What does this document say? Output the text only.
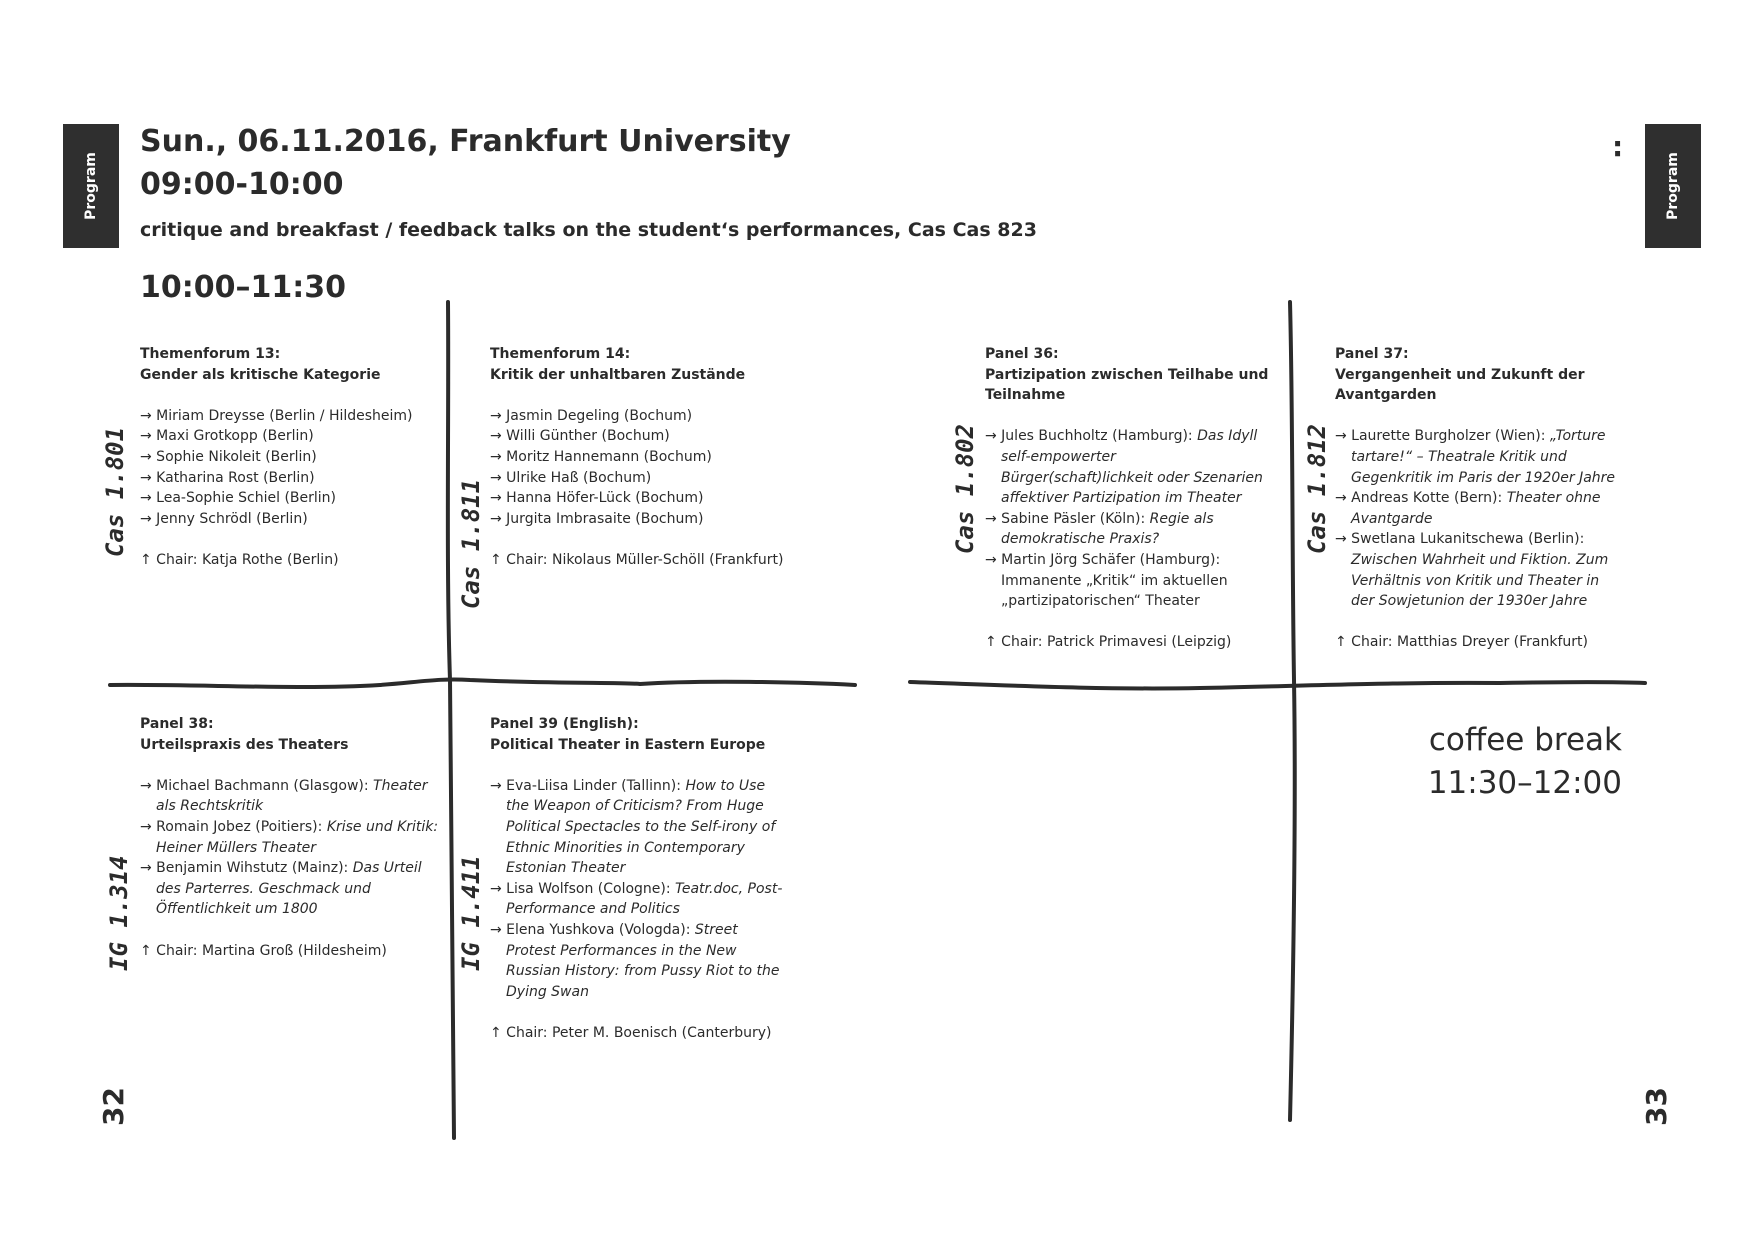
Program	Program
Sun., 06.11.2016, Frankfurt University
09:00-10:00
critique and breakfast / feedback talks on the student‘s performances, Cas Cas 823
10:00–11:30
:
32	33
Themenforum 13:
Gender als kritische Kategorie
→ Miriam Dreysse (Berlin / Hildesheim)
→ Maxi Grotkopp (Berlin)
→ Sophie Nikoleit (Berlin)
→ Katharina Rost (Berlin)
→ Lea-Sophie Schiel (Berlin)
→ Jenny Schrödl (Berlin)
↑ Chair: Katja Rothe (Berlin)
Cas 1.801
Themenforum 14:
Kritik der unhaltbaren Zustände
→ Jasmin Degeling (Bochum)
→ Willi Günther (Bochum)
→ Moritz Hannemann (Bochum)
→ Ulrike Haß (Bochum)
→ Hanna Höfer-Lück (Bochum)
→ Jurgita Imbrasaite (Bochum)
↑ Chair: Nikolaus Müller-Schöll (Frankfurt)
Cas 1.811
Panel 36:
Partizipation zwischen Teilhabe und Teilnahme
→ Jules Buchholtz (Hamburg): Das Idyll self-empowerter Bürger(schaft)lichkeit oder Szenarien affektiver Partizipation im Theater
→ Sabine Päsler (Köln): Regie als demokratische Praxis?
→ Martin Jörg Schäfer (Hamburg): Immanente „Kritik“ im aktuellen „partizipatorischen“ Theater
↑ Chair: Patrick Primavesi (Leipzig)
Cas 1.802
Panel 37:
Vergangenheit und Zukunft der Avantgarden
→ Laurette Burgholzer (Wien): „Torture tartare!“ – Theatrale Kritik und Gegenkritik im Paris der 1920er Jahre
→ Andreas Kotte (Bern): Theater ohne Avantgarde
→ Swetlana Lukanitschewa (Berlin): Zwischen Wahrheit und Fiktion. Zum Verhältnis von Kritik und Theater in der Sowjetunion der 1930er Jahre
↑ Chair: Matthias Dreyer (Frankfurt)
Cas 1.812
Panel 38:
Urteilspraxis des Theaters
→ Michael Bachmann (Glasgow): Theater als Rechtskritik
→ Romain Jobez (Poitiers): Krise und Kritik: Heiner Müllers Theater
→ Benjamin Wihstutz (Mainz): Das Urteil des Parterres. Geschmack und Öffentlichkeit um 1800
↑ Chair: Martina Groß (Hildesheim)
IG 1.314
Panel 39 (English):
Political Theater in Eastern Europe
→ Eva-Liisa Linder (Tallinn): How to Use the Weapon of Criticism? From Huge Political Spectacles to the Self-irony of Ethnic Minorities in Contemporary Estonian Theater
→ Lisa Wolfson (Cologne): Teatr.doc, Post-Performance and Politics
→ Elena Yushkova (Vologda): Street Protest Performances in the New Russian History: from Pussy Riot to the Dying Swan
↑ Chair: Peter M. Boenisch (Canterbury)
IG 1.411
coffee break
11:30–12:00
